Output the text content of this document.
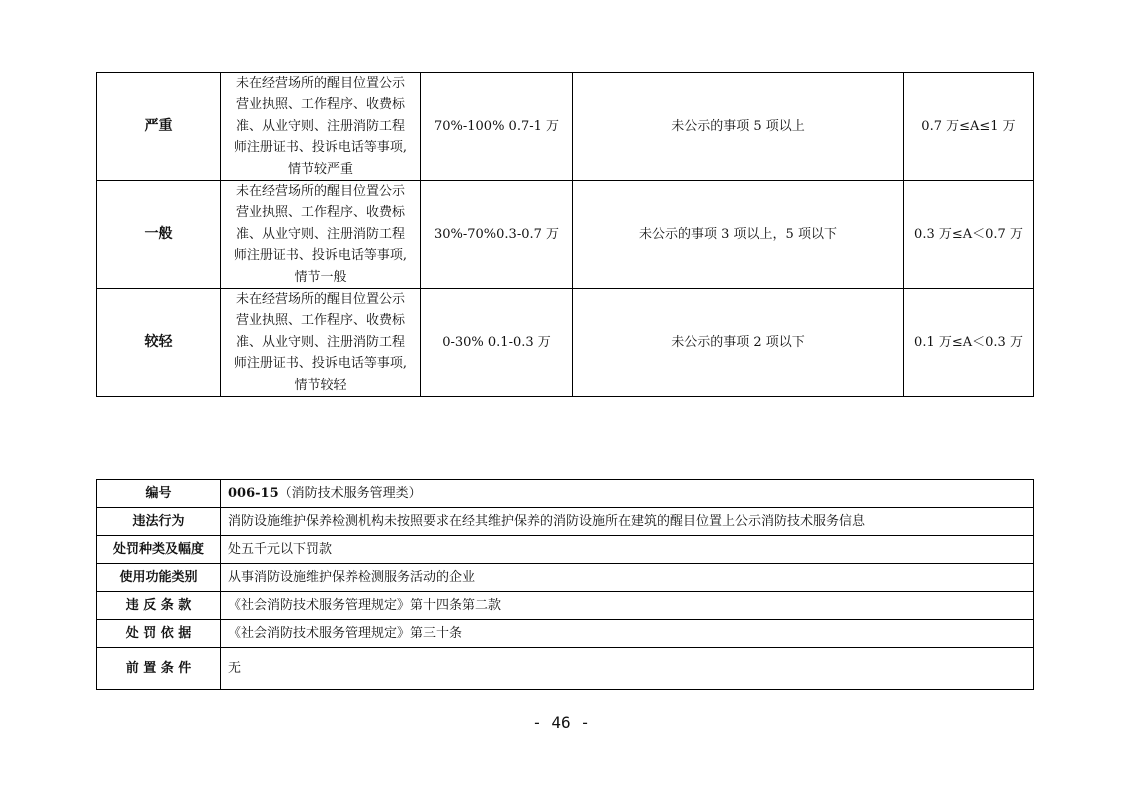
严重	未在经营场所的醒目位置公示
营业执照、工作程序、收费标
准、从业守则、注册消防工程
师注册证书、投诉电话等事项,
情节较严重	70%-100% 0.7-1 万	未公示的事项 5 项以上	0.7 万≤A≤1 万
一般	未在经营场所的醒目位置公示
营业执照、工作程序、收费标
准、从业守则、注册消防工程
师注册证书、投诉电话等事项,
情节一般	30%-70%0.3-0.7 万	未公示的事项 3 项以上，5 项以下	0.3 万≤A＜0.7 万
较轻	未在经营场所的醒目位置公示
营业执照、工作程序、收费标
准、从业守则、注册消防工程
师注册证书、投诉电话等事项,
情节较轻	0-30% 0.1-0.3 万	未公示的事项 2 项以下	0.1 万≤A＜0.3 万
编号	006-15（消防技术服务管理类）
违法行为	消防设施维护保养检测机构未按照要求在经其维护保养的消防设施所在建筑的醒目位置上公示消防技术服务信息
处罚种类及幅度	处五千元以下罚款
使用功能类别	从事消防设施维护保养检测服务活动的企业
违 反 条 款	《社会消防技术服务管理规定》第十四条第二款
处 罚 依 据	《社会消防技术服务管理规定》第三十条
前 置 条 件	无
- 46 -
